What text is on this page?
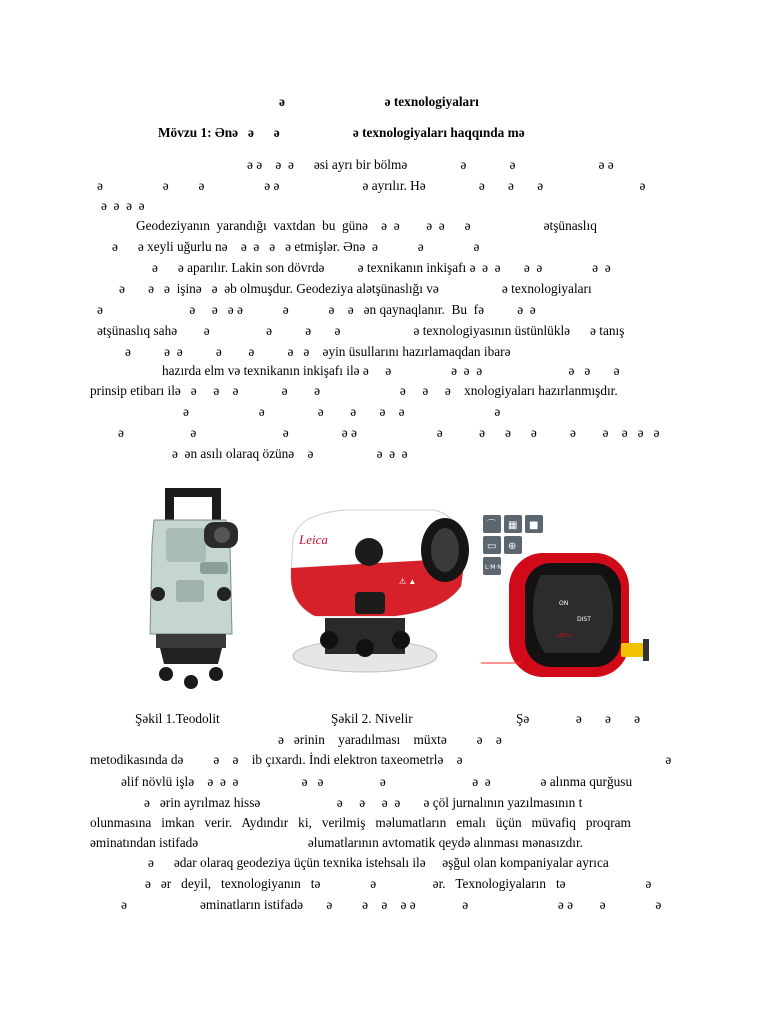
ə                              ə texnologiyaları
Mövzu 1: Ənə   ə      ə                      ə texnologiyaları haqqında mə
ə ə    ə  ə      əsi ayrı bir bölmə                ə             ə                         ə ə
ə                  ə         ə                  ə ə                         ə ayrılır. Hə                ə       ə       ə                             ə
ə  ə  ə  ə
Geodeziyanın  yarandığı  vaxtdan  bu  günə    ə  ə        ə  ə      ə                      ətşünaslıq
ə      ə xeyli uğurlu nə    ə  ə   ə   ə etmişlər. Ənə  ə            ə               ə
ə      ə aparılır. Lakin son dövrdə          ə texnikanın inkişafı ə  ə  ə       ə  ə               ə  ə
ə       ə   ə  işinə   ə  əb olmuşdur. Geodeziya alətşünaslığı və                   ə texnologiyaları
ə                          ə     ə   ə ə            ə            ə    ə   ən qaynaqlanır.  Bu  fə          ə  ə
ətşünaslıq sahə        ə                 ə          ə       ə                      ə texnologiyasının üstünlüklə      ə tanış
ə          ə  ə          ə        ə          ə   ə    əyin üsullarını hazırlamaqdan ibarə
hazırda elm və texnikanın inkişafı ilə ə     ə                  ə  ə  ə                          ə   ə       ə
prinsip etibarı ilə   ə     ə    ə             ə        ə                        ə     ə     ə    xnologiyaları hazırlanmışdır.
ə                     ə                ə        ə       ə    ə                           ə
ə                    ə                          ə                ə ə                        ə           ə      ə      ə          ə        ə    ə   ə   ə
ə  ən asılı olaraq özünə    ə                   ə  ə  ə
Leica
⚠ ▲
⌒ ▦ ■
▭ ⊕
L·M·N
ON
DIST
LEICA
Şəkil 1.Teodolit	Şəkil 2. Nivelir	Şə              ə       ə       ə
ə   ərinin    yaradılması    müxtə         ə    ə
metodikasında də         ə    ə    ib çıxardı. İndi elektron taxeometrlə    ə                                                             ə
əlif növlü işlə    ə  ə  ə                   ə   ə                 ə                          ə  ə               ə alınma qurğusu
ə   ərin ayrılmaz hissə                       ə     ə     ə  ə       ə çöl jurnalının yazılmasının t
olunmasına   imkan   verir.   Aydındır   ki,   verilmiş   məlumatların   emalı   üçün   müvafiq   proqram
əminatından istifadə                                 əlumatlarının avtomatik qeydə alınması mənasızdır.
ə      ədar olaraq geodeziya üçün texnika istehsalı ilə     əşğul olan kompaniyalar ayrıca
ə   ər   deyil,   texnologiyanın   tə               ə                 ər.   Texnologiyaların   tə                        ə
ə                      əminatların istifadə       ə         ə    ə    ə ə              ə                           ə ə        ə               ə
